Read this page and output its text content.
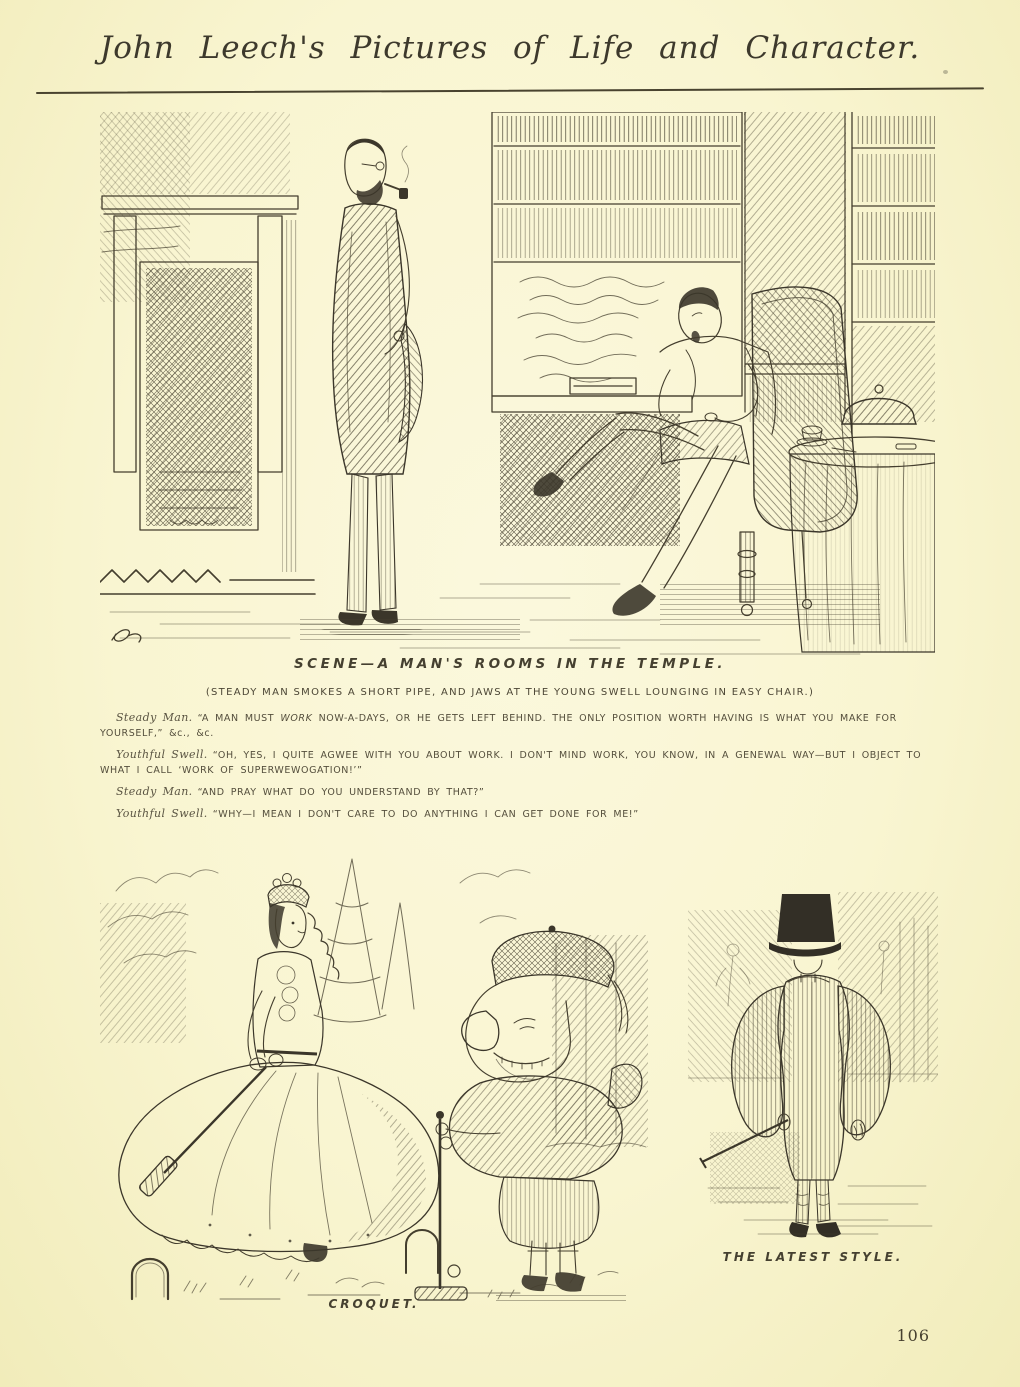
John Leech's Pictures of Life and Character.
SCENE—A MAN'S ROOMS IN THE TEMPLE.
(STEADY MAN SMOKES A SHORT PIPE, AND JAWS AT THE YOUNG SWELL LOUNGING IN EASY CHAIR.)

Steady Man. “A MAN MUST WORK NOW-A-DAYS, OR HE GETS LEFT BEHIND. THE ONLY POSITION WORTH HAVING IS WHAT YOU MAKE FOR YOURSELF,” &c., &c.

Youthful Swell. “OH, YES, I QUITE AGWEE WITH YOU ABOUT WORK. I DON'T MIND WORK, YOU KNOW, IN A GENEWAL WAY—BUT I OBJECT TO WHAT I CALL ‘WORK OF SUPERWEWOGATION!’”

Steady Man. “AND PRAY WHAT DO YOU UNDERSTAND BY THAT?”

Youthful Swell. “WHY—I MEAN I DON'T CARE TO DO ANYTHING I CAN GET DONE FOR ME!”

CROQUET.
THE LATEST STYLE.
106
